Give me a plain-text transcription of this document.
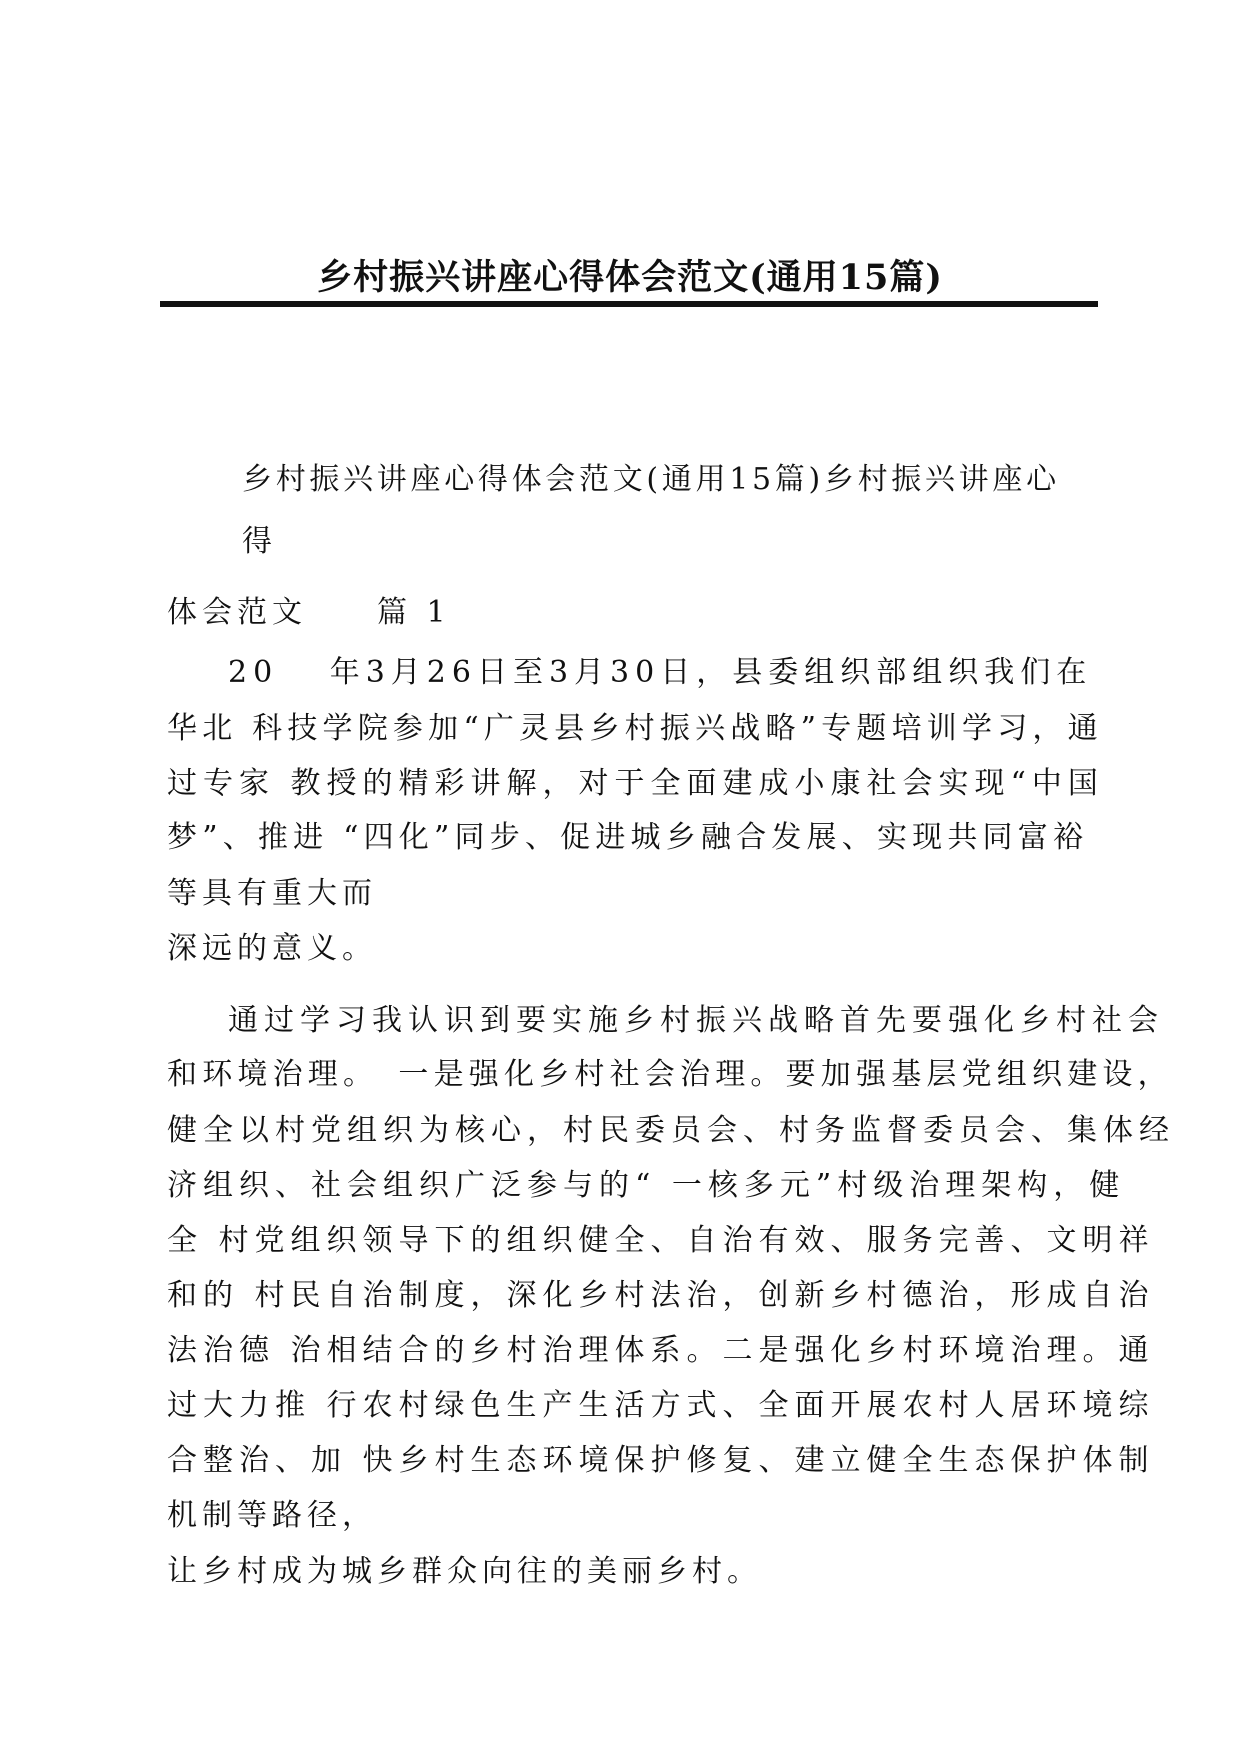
乡村振兴讲座心得体会范文(通用15篇)
乡村振兴讲座心得体会范文(通用15篇)乡村振兴讲座心
得
体会范文　　篇 1
20　 年3月26日至3月30日，县委组织部组织我们在
华北 科技学院参加“广灵县乡村振兴战略”专题培训学习，通
过专家 教授的精彩讲解，对于全面建成小康社会实现“中国
梦”、推进 “四化”同步、促进城乡融合发展、实现共同富裕
等具有重大而
深远的意义。
通过学习我认识到要实施乡村振兴战略首先要强化乡村社会
和环境治理。　一是强化乡村社会治理。要加强基层党组织建设，
健全以村党组织为核心，村民委员会、村务监督委员会、集体经
济组织、社会组织广泛参与的“ 一核多元”村级治理架构，健
全 村党组织领导下的组织健全、自治有效、服务完善、文明祥
和的 村民自治制度，深化乡村法治，创新乡村德治，形成自治
法治德 治相结合的乡村治理体系。二是强化乡村环境治理。通
过大力推 行农村绿色生产生活方式、全面开展农村人居环境综
合整治、加 快乡村生态环境保护修复、建立健全生态保护体制
机制等路径，
让乡村成为城乡群众向往的美丽乡村。
